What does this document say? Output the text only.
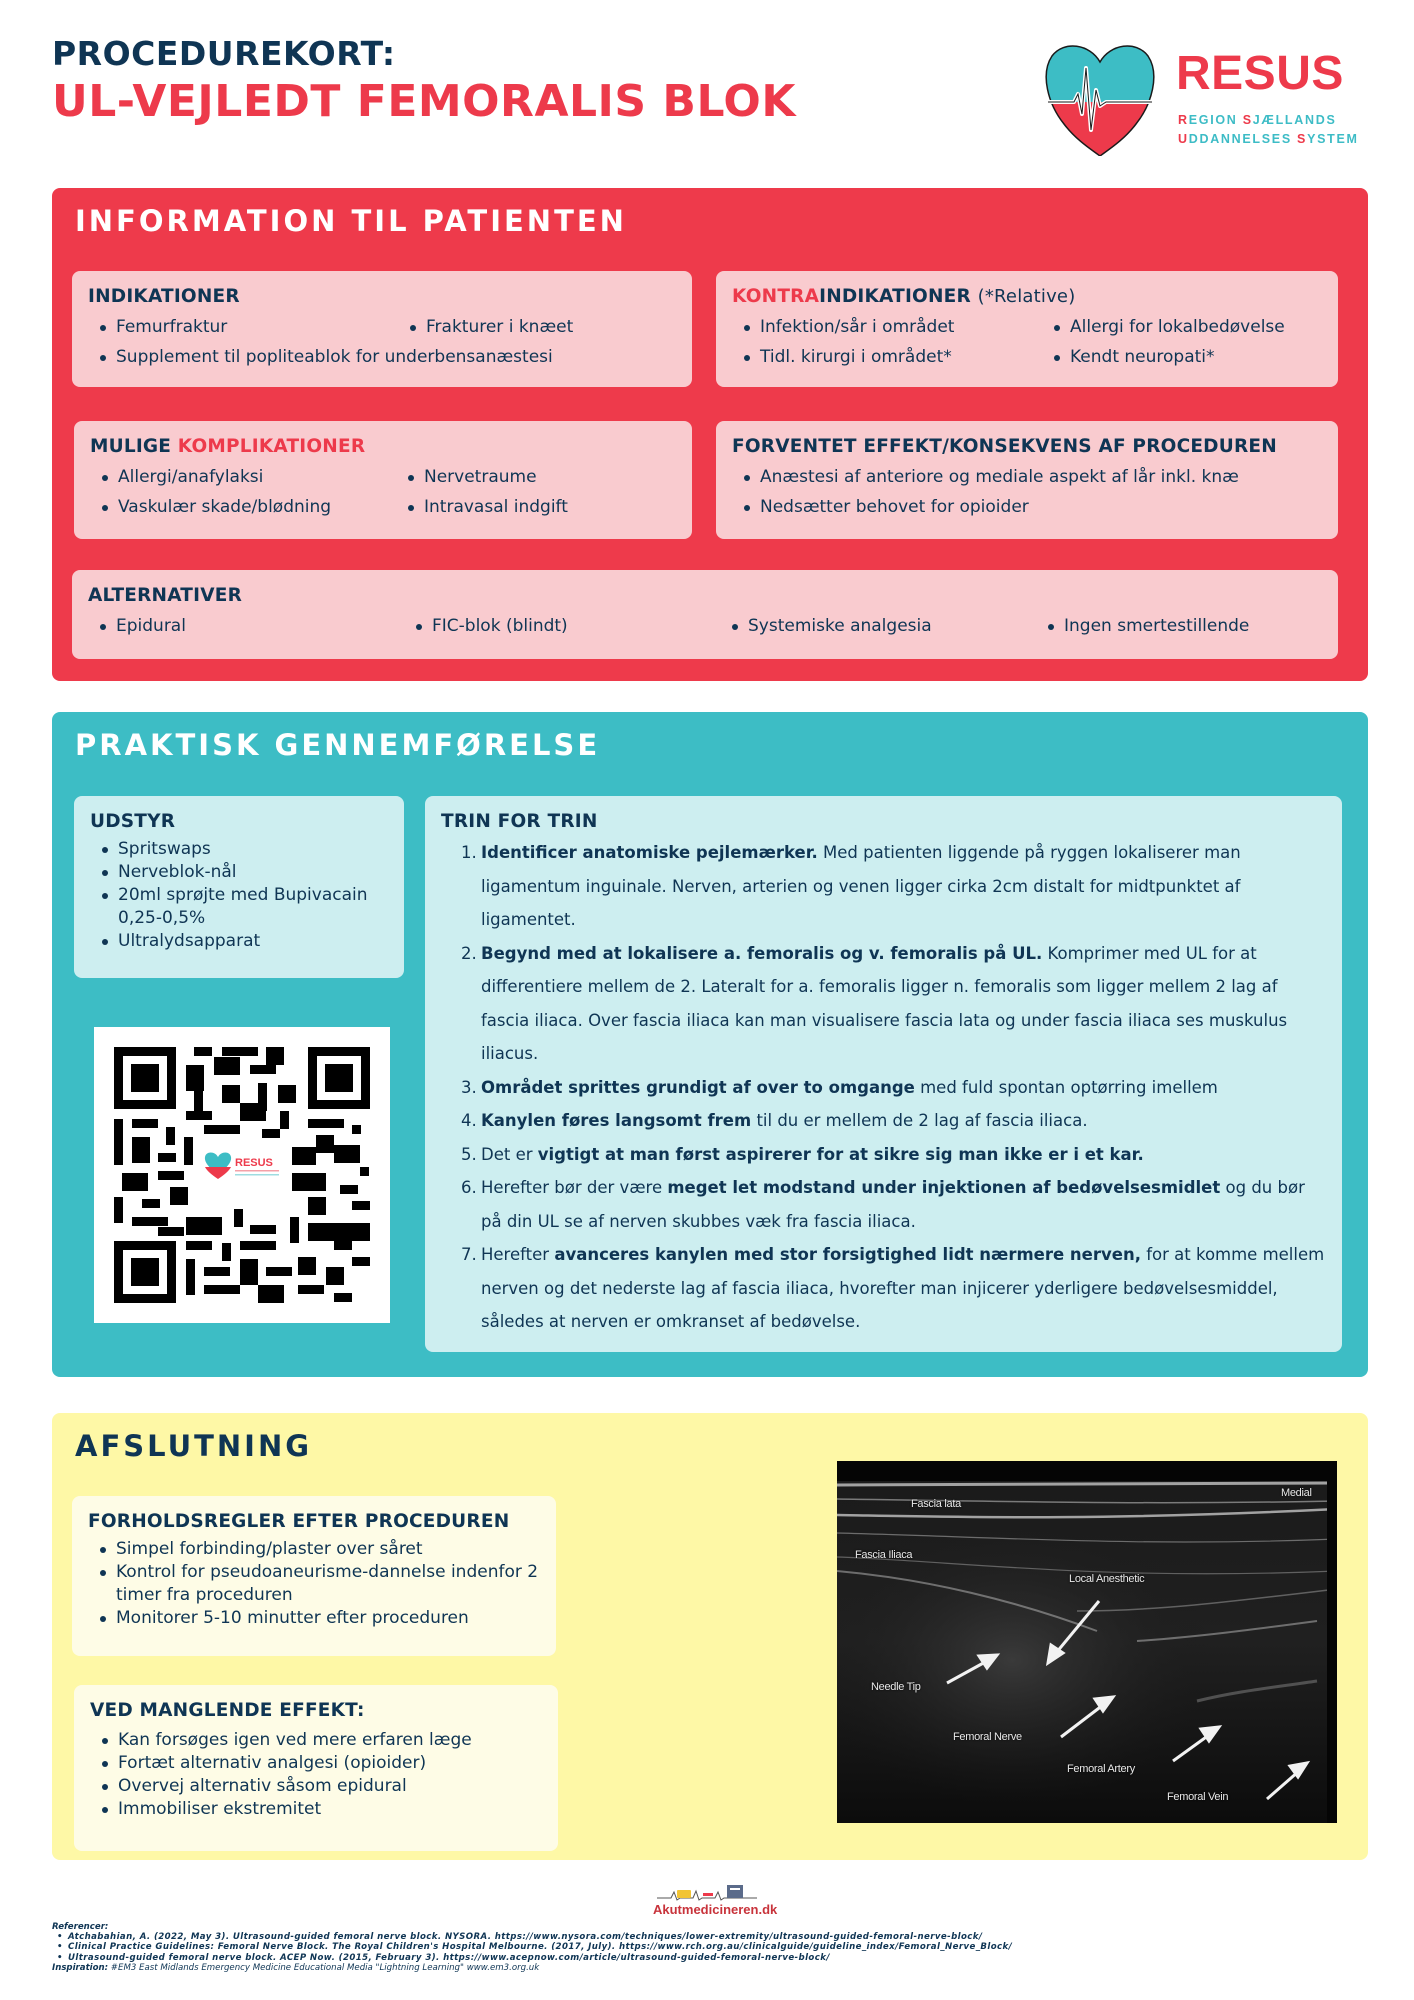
PROCEDUREKORT:
UL-VEJLEDT FEMORALIS BLOK
RESUS
REGION SJÆLLANDS
UDDANNELSES SYSTEM
INFORMATION TIL PATIENTEN
INDIKATIONER
Femurfraktur	Frakturer i knæet
Supplement til popliteablok for underbensanæstesi
KONTRAINDIKATIONER (*Relative)
Infektion/sår i området	Allergi for lokalbedøvelse
Tidl. kirurgi i området*	Kendt neuropati*
MULIGE KOMPLIKATIONER
Allergi/anafylaksi	Nervetraume
Vaskulær skade/blødning	Intravasal indgift
FORVENTET EFFEKT/KONSEKVENS AF PROCEDUREN
Anæstesi af anteriore og mediale aspekt af lår inkl. knæ
Nedsætter behovet for opioider
ALTERNATIVER
Epidural	FIC-blok (blindt)	Systemiske analgesia	Ingen smertestillende
PRAKTISK GENNEMFØRELSE
UDSTYR
Spritswaps
Nerveblok-nål
20ml sprøjte med Bupivacain 0,25-0,5%
Ultralydsapparat
RESUS
TRIN FOR TRIN
1. Identificer anatomiske pejlemærker. Med patienten liggende på ryggen lokaliserer man ligamentum inguinale. Nerven, arterien og venen ligger cirka 2cm distalt for midtpunktet af ligamentet.
2. Begynd med at lokalisere a. femoralis og v. femoralis på UL. Komprimer med UL for at differentiere mellem de 2. Lateralt for a. femoralis ligger n. femoralis som ligger mellem 2 lag af fascia iliaca. Over fascia iliaca kan man visualisere fascia lata og under fascia iliaca ses muskulus iliacus.
3. Området sprittes grundigt af over to omgange med fuld spontan optørring imellem
4. Kanylen føres langsomt frem til du er mellem de 2 lag af fascia iliaca.
5. Det er vigtigt at man først aspirerer for at sikre sig man ikke er i et kar.
6. Herefter bør der være meget let modstand under injektionen af bedøvelsesmidlet og du bør på din UL se af nerven skubbes væk fra fascia iliaca.
7. Herefter avanceres kanylen med stor forsigtighed lidt nærmere nerven, for at komme mellem nerven og det nederste lag af fascia iliaca, hvorefter man injicerer yderligere bedøvelsesmiddel, således at nerven er omkranset af bedøvelse.
AFSLUTNING
FORHOLDSREGLER EFTER PROCEDUREN
Simpel forbinding/plaster over såret
Kontrol for pseudoaneurisme-dannelse indenfor 2 timer fra proceduren
Monitorer 5-10 minutter efter proceduren
VED MANGLENDE EFFEKT:
Kan forsøges igen ved mere erfaren læge
Fortæt alternativ analgesi (opioider)
Overvej alternativ såsom epidural
Immobiliser ekstremitet
Fascia lata
Medial
Fascia Iliaca
Local Anesthetic
Needle Tip
Femoral Nerve
Femoral Artery
Femoral Vein
Akutmedicineren.dk
Referencer:
• Atchabahian, A. (2022, May 3). Ultrasound-guided femoral nerve block. NYSORA. https://www.nysora.com/techniques/lower-extremity/ultrasound-guided-femoral-nerve-block/
• Clinical Practice Guidelines: Femoral Nerve Block. The Royal Children's Hospital Melbourne. (2017, July). https://www.rch.org.au/clinicalguide/guideline_index/Femoral_Nerve_Block/
• Ultrasound-guided femoral nerve block. ACEP Now. (2015, February 3). https://www.acepnow.com/article/ultrasound-guided-femoral-nerve-block/
Inspiration: #EM3 East Midlands Emergency Medicine Educational Media "Lightning Learning" www.em3.org.uk
